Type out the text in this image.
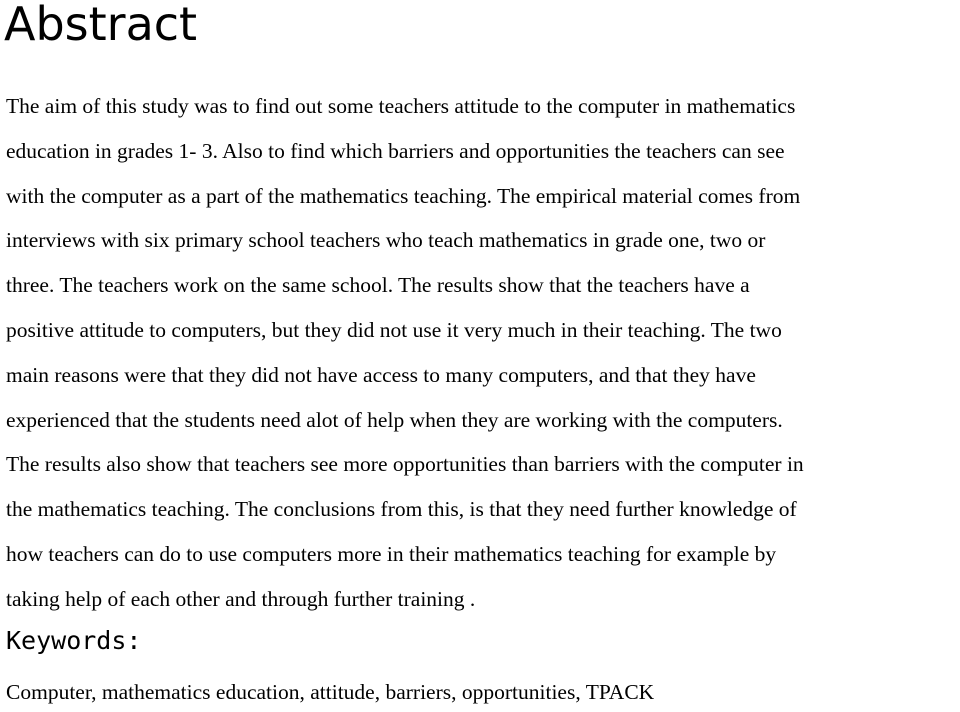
Abstract

The aim of this study was to find out some teachers attitude to the computer in mathematics
education in grades 1- 3. Also to find which barriers and opportunities the teachers can see
with the computer as a part of the mathematics teaching. The empirical material comes from
interviews with six primary school teachers who teach mathematics in grade one, two or
three. The teachers work on the same school. The results show that the teachers have a
positive attitude to computers, but they did not use it very much in their teaching. The two
main reasons were that they did not have access to many computers, and that they have
experienced that the students need alot of help when they are working with the computers.
The results also show that teachers see more opportunities than barriers with the computer in
the mathematics teaching. The conclusions from this, is that they need further knowledge of
how teachers can do to use computers more in their mathematics teaching for example by
taking help of each other and through further training .

Keywords:

Computer, mathematics education, attitude, barriers, opportunities, TPACK
